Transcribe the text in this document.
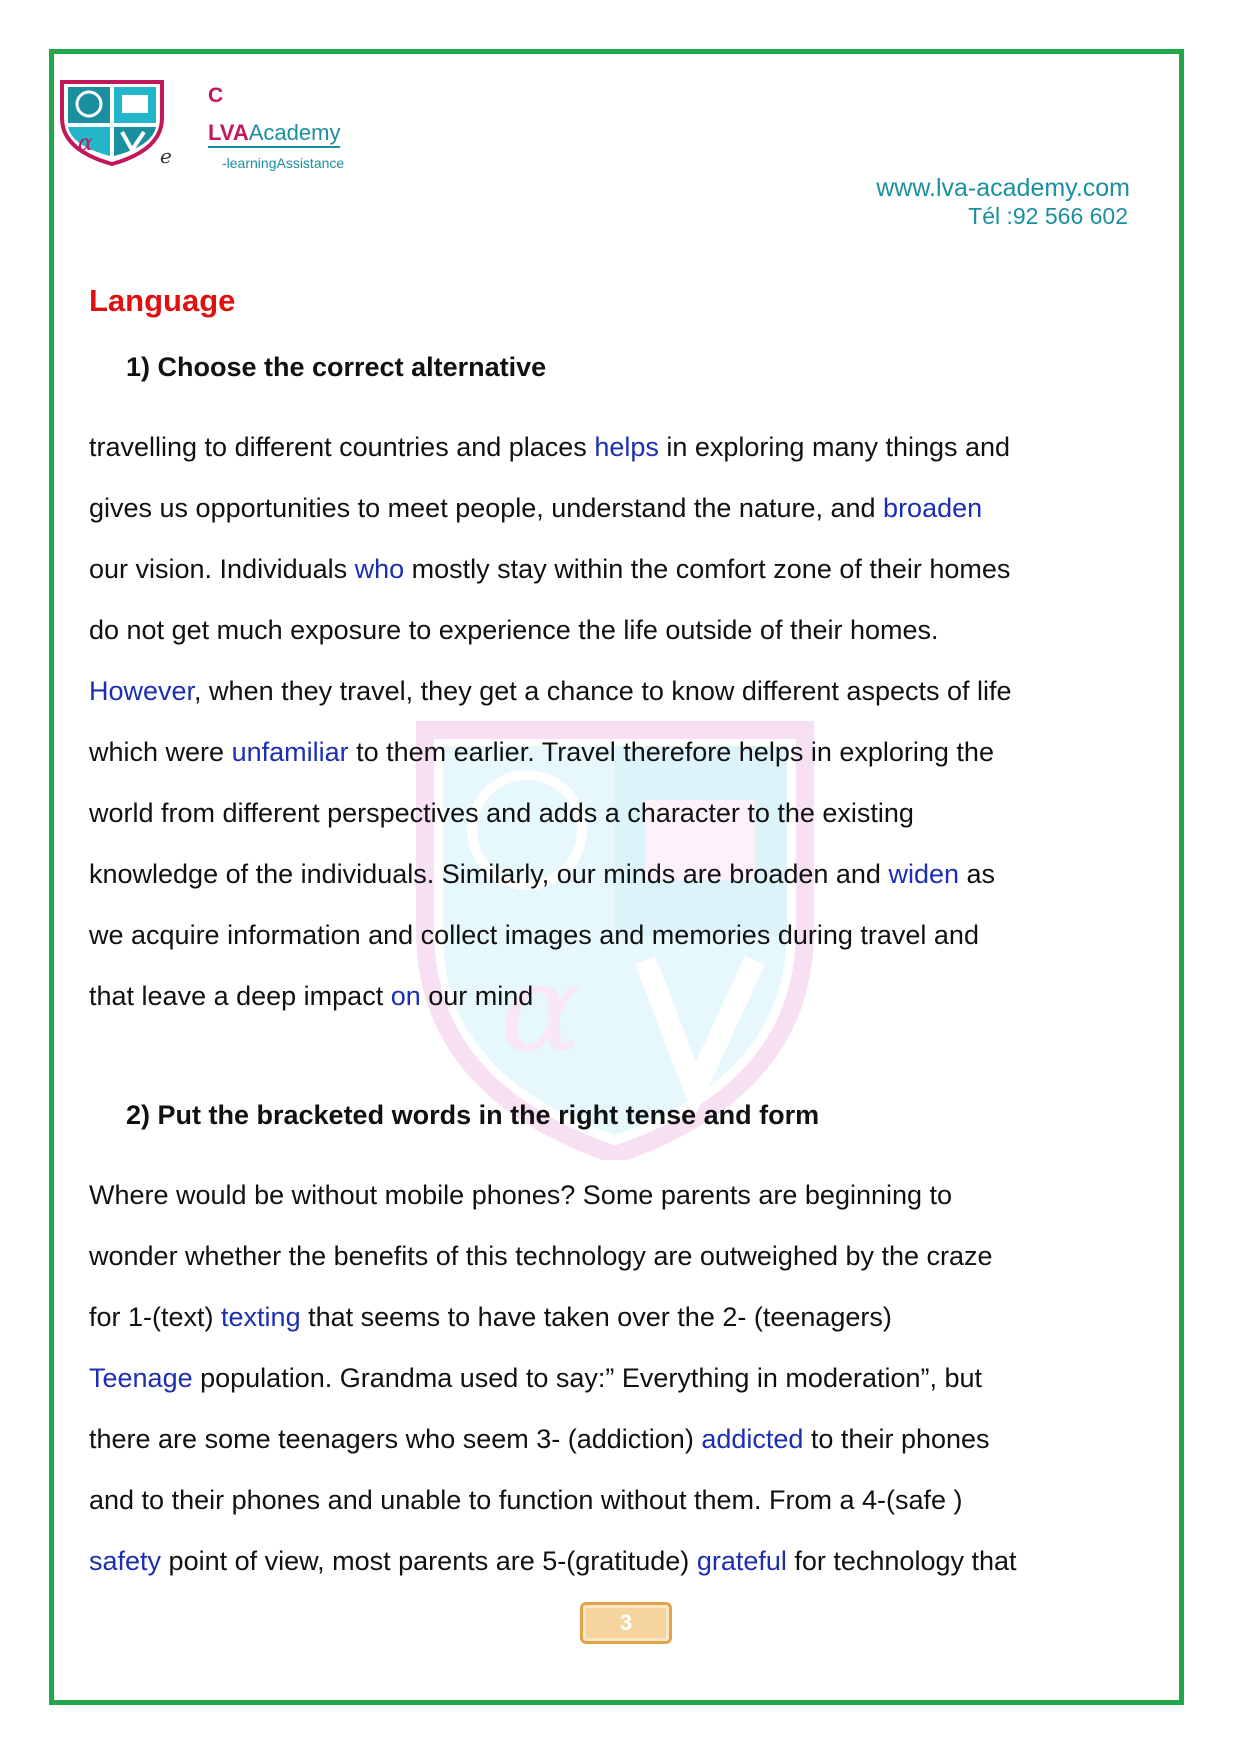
α
α	e
C
LVAAcademy
-learningAssistance
www.lva-academy.com
Tél :92 566 602
Language
1) Choose the correct alternative
travelling to different countries and places helps in exploring many things and
gives us opportunities to meet people, understand the nature, and broaden
our vision. Individuals who mostly stay within the comfort zone of their homes
do not get much exposure to experience the life outside of their homes.
However, when they travel, they get a chance to know different aspects of life
which were unfamiliar to them earlier. Travel therefore helps in exploring the
world from different perspectives and adds a character to the existing
knowledge of the individuals. Similarly, our minds are broaden and widen as
we acquire information and collect images and memories during travel and
that leave a deep impact on our mind
2) Put the bracketed words in the right tense and form
Where would be without mobile phones? Some parents are beginning to
wonder whether the benefits of this technology are outweighed by the craze
for 1-(text) texting that seems to have taken over the 2- (teenagers)
Teenage population. Grandma used to say:” Everything in moderation”, but
there are some teenagers who seem 3- (addiction) addicted to their phones
and to their phones and unable to function without them. From a 4-(safe )
safety point of view, most parents are 5-(gratitude) grateful for technology that
3
